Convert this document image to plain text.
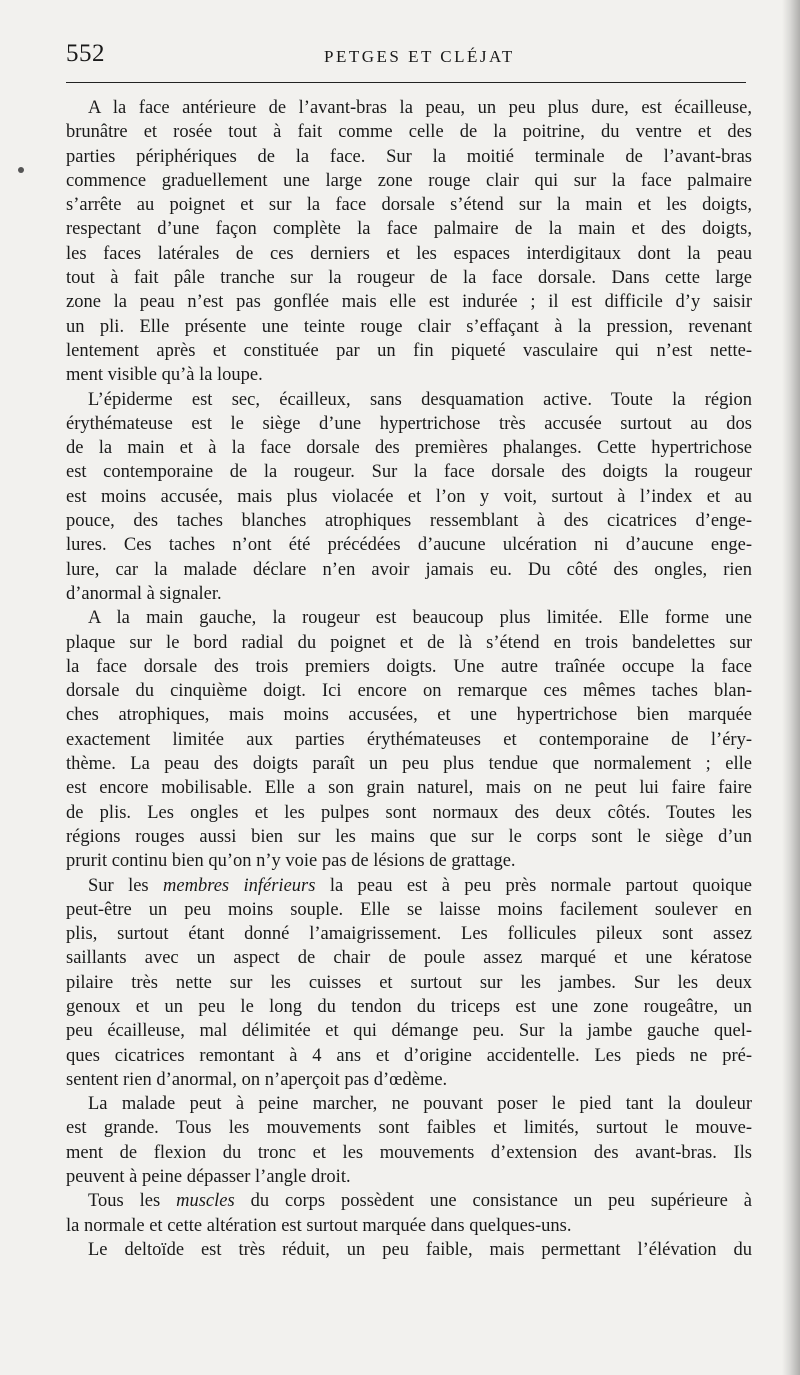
552	PETGES ET CLÉJAT
A la face antérieure de l’avant-bras la peau, un peu plus dure, est écailleuse,
brunâtre et rosée tout à fait comme celle de la poitrine, du ventre et des
parties périphériques de la face. Sur la moitié terminale de l’avant-bras
commence graduellement une large zone rouge clair qui sur la face palmaire
s’arrête au poignet et sur la face dorsale s’étend sur la main et les doigts,
respectant d’une façon complète la face palmaire de la main et des doigts,
les faces latérales de ces derniers et les espaces interdigitaux dont la peau
tout à fait pâle tranche sur la rougeur de la face dorsale. Dans cette large
zone la peau n’est pas gonflée mais elle est indurée ; il est difficile d’y saisir
un pli. Elle présente une teinte rouge clair s’effaçant à la pression, revenant
lentement après et constituée par un fin piqueté vasculaire qui n’est nette-
ment visible qu’à la loupe.
L’épiderme est sec, écailleux, sans desquamation active. Toute la région
érythémateuse est le siège d’une hypertrichose très accusée surtout au dos
de la main et à la face dorsale des premières phalanges. Cette hypertrichose
est contemporaine de la rougeur. Sur la face dorsale des doigts la rougeur
est moins accusée, mais plus violacée et l’on y voit, surtout à l’index et au
pouce, des taches blanches atrophiques ressemblant à des cicatrices d’enge-
lures. Ces taches n’ont été précédées d’aucune ulcération ni d’aucune enge-
lure, car la malade déclare n’en avoir jamais eu. Du côté des ongles, rien
d’anormal à signaler.
A la main gauche, la rougeur est beaucoup plus limitée. Elle forme une
plaque sur le bord radial du poignet et de là s’étend en trois bandelettes sur
la face dorsale des trois premiers doigts. Une autre traînée occupe la face
dorsale du cinquième doigt. Ici encore on remarque ces mêmes taches blan-
ches atrophiques, mais moins accusées, et une hypertrichose bien marquée
exactement limitée aux parties érythémateuses et contemporaine de l’éry-
thème. La peau des doigts paraît un peu plus tendue que normalement ; elle
est encore mobilisable. Elle a son grain naturel, mais on ne peut lui faire faire
de plis. Les ongles et les pulpes sont normaux des deux côtés. Toutes les
régions rouges aussi bien sur les mains que sur le corps sont le siège d’un
prurit continu bien qu’on n’y voie pas de lésions de grattage.
Sur les membres inférieurs la peau est à peu près normale partout quoique
peut-être un peu moins souple. Elle se laisse moins facilement soulever en
plis, surtout étant donné l’amaigrissement. Les follicules pileux sont assez
saillants avec un aspect de chair de poule assez marqué et une kératose
pilaire très nette sur les cuisses et surtout sur les jambes. Sur les deux
genoux et un peu le long du tendon du triceps est une zone rougeâtre, un
peu écailleuse, mal délimitée et qui démange peu. Sur la jambe gauche quel-
ques cicatrices remontant à 4 ans et d’origine accidentelle. Les pieds ne pré-
sentent rien d’anormal, on n’aperçoit pas d’œdème.
La malade peut à peine marcher, ne pouvant poser le pied tant la douleur
est grande. Tous les mouvements sont faibles et limités, surtout le mouve-
ment de flexion du tronc et les mouvements d’extension des avant-bras. Ils
peuvent à peine dépasser l’angle droit.
Tous les muscles du corps possèdent une consistance un peu supérieure à
la normale et cette altération est surtout marquée dans quelques-uns.
Le deltoïde est très réduit, un peu faible, mais permettant l’élévation du
